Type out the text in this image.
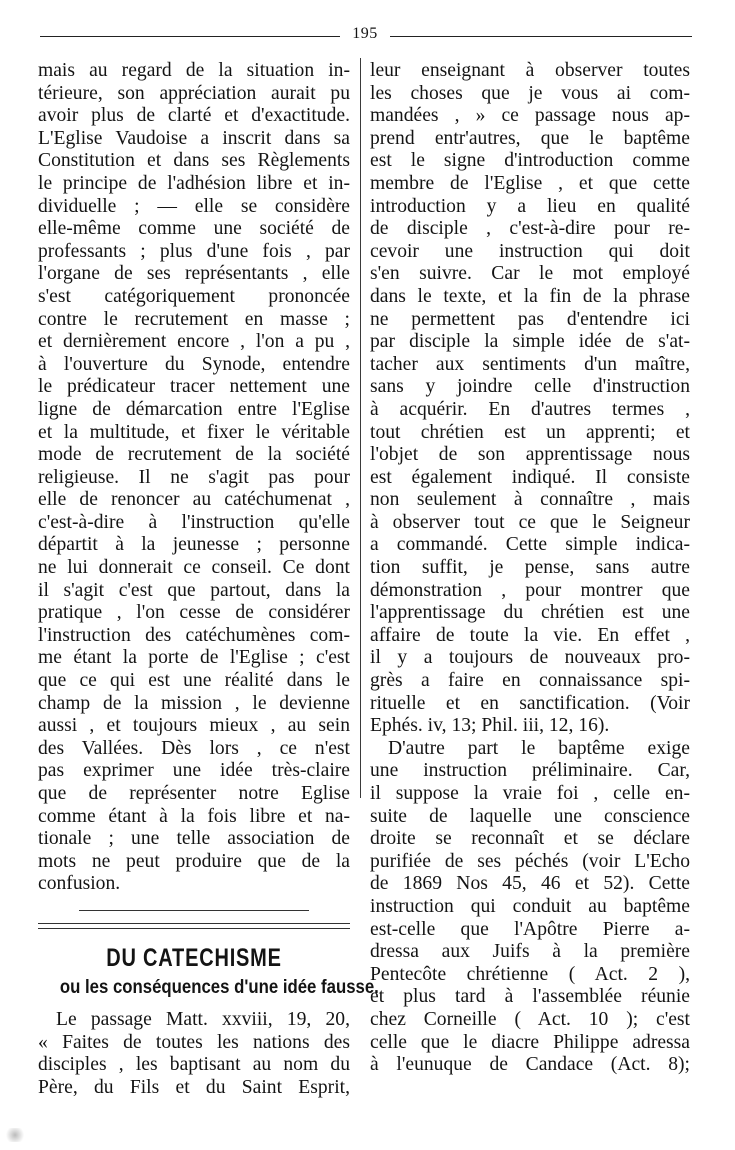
195
mais au regard de la situation in-
térieure, son appréciation aurait pu
avoir plus de clarté et d'exactitude.
L'Eglise Vaudoise a inscrit dans sa
Constitution et dans ses Règlements
le principe de l'adhésion libre et in-
dividuelle ; — elle se considère
elle-même comme une société de
professants ; plus d'une fois , par
l'organe de ses représentants , elle
s'est catégoriquement prononcée
contre le recrutement en masse ;
et dernièrement encore , l'on a pu ,
à l'ouverture du Synode, entendre
le prédicateur tracer nettement une
ligne de démarcation entre l'Eglise
et la multitude, et fixer le véritable
mode de recrutement de la société
religieuse. Il ne s'agit pas pour
elle de renoncer au catéchumenat ,
c'est-à-dire à l'instruction qu'elle
départit à la jeunesse ; personne
ne lui donnerait ce conseil. Ce dont
il s'agit c'est que partout, dans la
pratique , l'on cesse de considérer
l'instruction des catéchumènes com-
me étant la porte de l'Eglise ; c'est
que ce qui est une réalité dans le
champ de la mission , le devienne
aussi , et toujours mieux , au sein
des Vallées. Dès lors , ce n'est
pas exprimer une idée très-claire
que de représenter notre Eglise
comme étant à la fois libre et na-
tionale ; une telle association de
mots ne peut produire que de la
confusion.
DU CATECHISME
ou les conséquences d'une idée fausse.
Le passage Matt. xxviii, 19, 20,
« Faites de toutes les nations des
disciples , les baptisant au nom du
Père, du Fils et du Saint Esprit,
leur enseignant à observer toutes
les choses que je vous ai com-
mandées , » ce passage nous ap-
prend entr'autres, que le baptême
est le signe d'introduction comme
membre de l'Eglise , et que cette
introduction y a lieu en qualité
de disciple , c'est-à-dire pour re-
cevoir une instruction qui doit
s'en suivre. Car le mot employé
dans le texte, et la fin de la phrase
ne permettent pas d'entendre ici
par disciple la simple idée de s'at-
tacher aux sentiments d'un maître,
sans y joindre celle d'instruction
à acquérir. En d'autres termes ,
tout chrétien est un apprenti; et
l'objet de son apprentissage nous
est également indiqué. Il consiste
non seulement à connaître , mais
à observer tout ce que le Seigneur
a commandé. Cette simple indica-
tion suffit, je pense, sans autre
démonstration , pour montrer que
l'apprentissage du chrétien est une
affaire de toute la vie. En effet ,
il y a toujours de nouveaux pro-
grès a faire en connaissance spi-
rituelle et en sanctification. (Voir
Ephés. iv, 13; Phil. iii, 12, 16).
D'autre part le baptême exige
une instruction préliminaire. Car,
il suppose la vraie foi , celle en-
suite de laquelle une conscience
droite se reconnaît et se déclare
purifiée de ses péchés (voir L'Echo
de 1869 Nos 45, 46 et 52). Cette
instruction qui conduit au baptême
est-celle que l'Apôtre Pierre a-
dressa aux Juifs à la première
Pentecôte chrétienne ( Act. 2 ),
et plus tard à l'assemblée réunie
chez Corneille ( Act. 10 ); c'est
celle que le diacre Philippe adressa
à l'eunuque de Candace (Act. 8);
